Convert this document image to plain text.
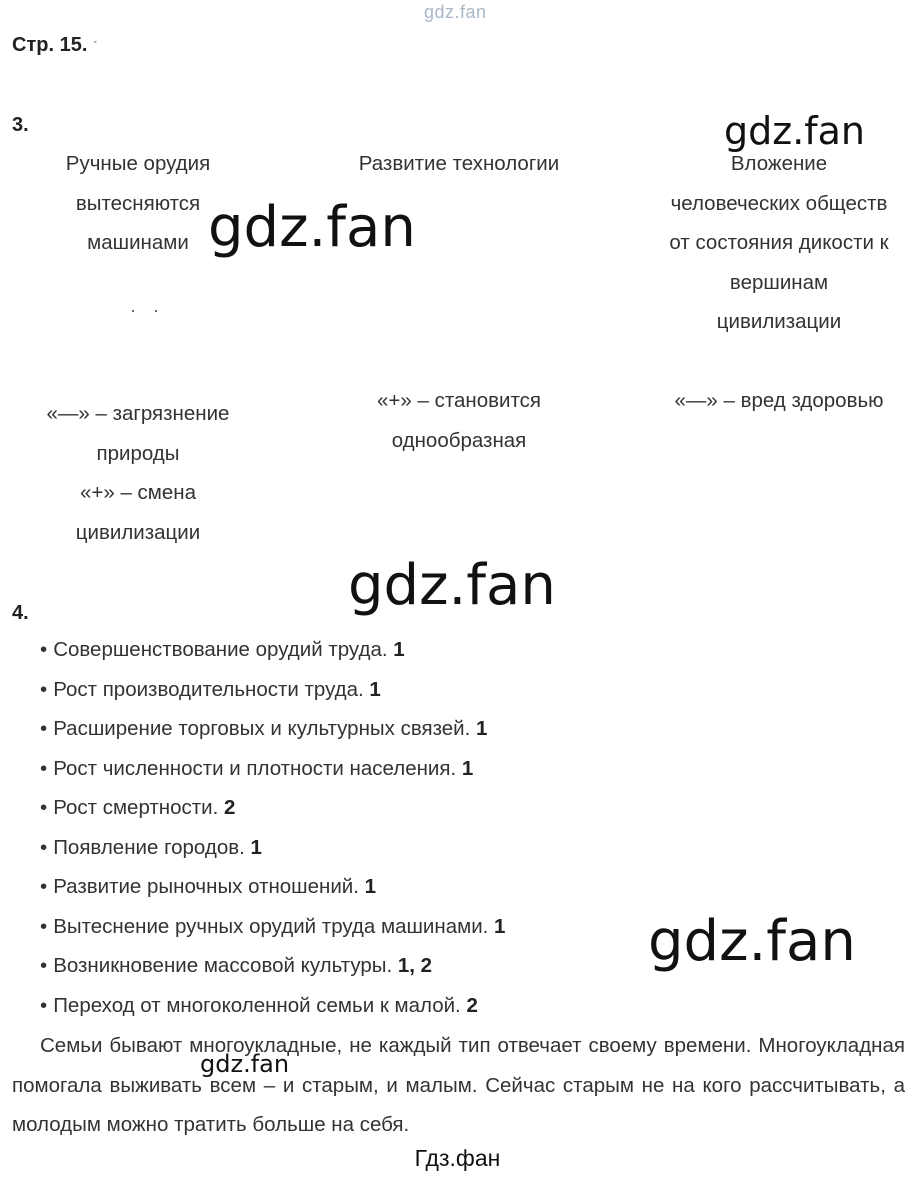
gdz.fan
Стр. 15. ˊ
3.	gdz.fan
Ручные орудия
вытесняются
машинами
· ·
gdz.fan
Развитие технологии	Вложение
человеческих обществ
от состояния дикости к
вершинам
цивилизации
«—» – загрязнение
природы
«+» – смена
цивилизации
«+» – становится
однообразная
«—» – вред здоровью
gdz.fan
4.
• Совершенствование орудий труда. 1
• Рост производительности труда. 1
• Расширение торговых и культурных связей. 1
• Рост численности и плотности населения. 1
• Рост смертности. 2
• Появление городов. 1
• Развитие рыночных отношений. 1
• Вытеснение ручных орудий труда машинами. 1
• Возникновение массовой культуры. 1, 2
• Переход от многоколенной семьи к малой. 2
gdz.fan
Семьи бывают многоукладные, не каждый тип отвечает своему времени. Многоукладная помогала выживать всем – и старым, и малым. Сейчас старым не на кого рассчитывать, а молодым можно тратить больше на себя.
gdz.fan
Гдз.фан
